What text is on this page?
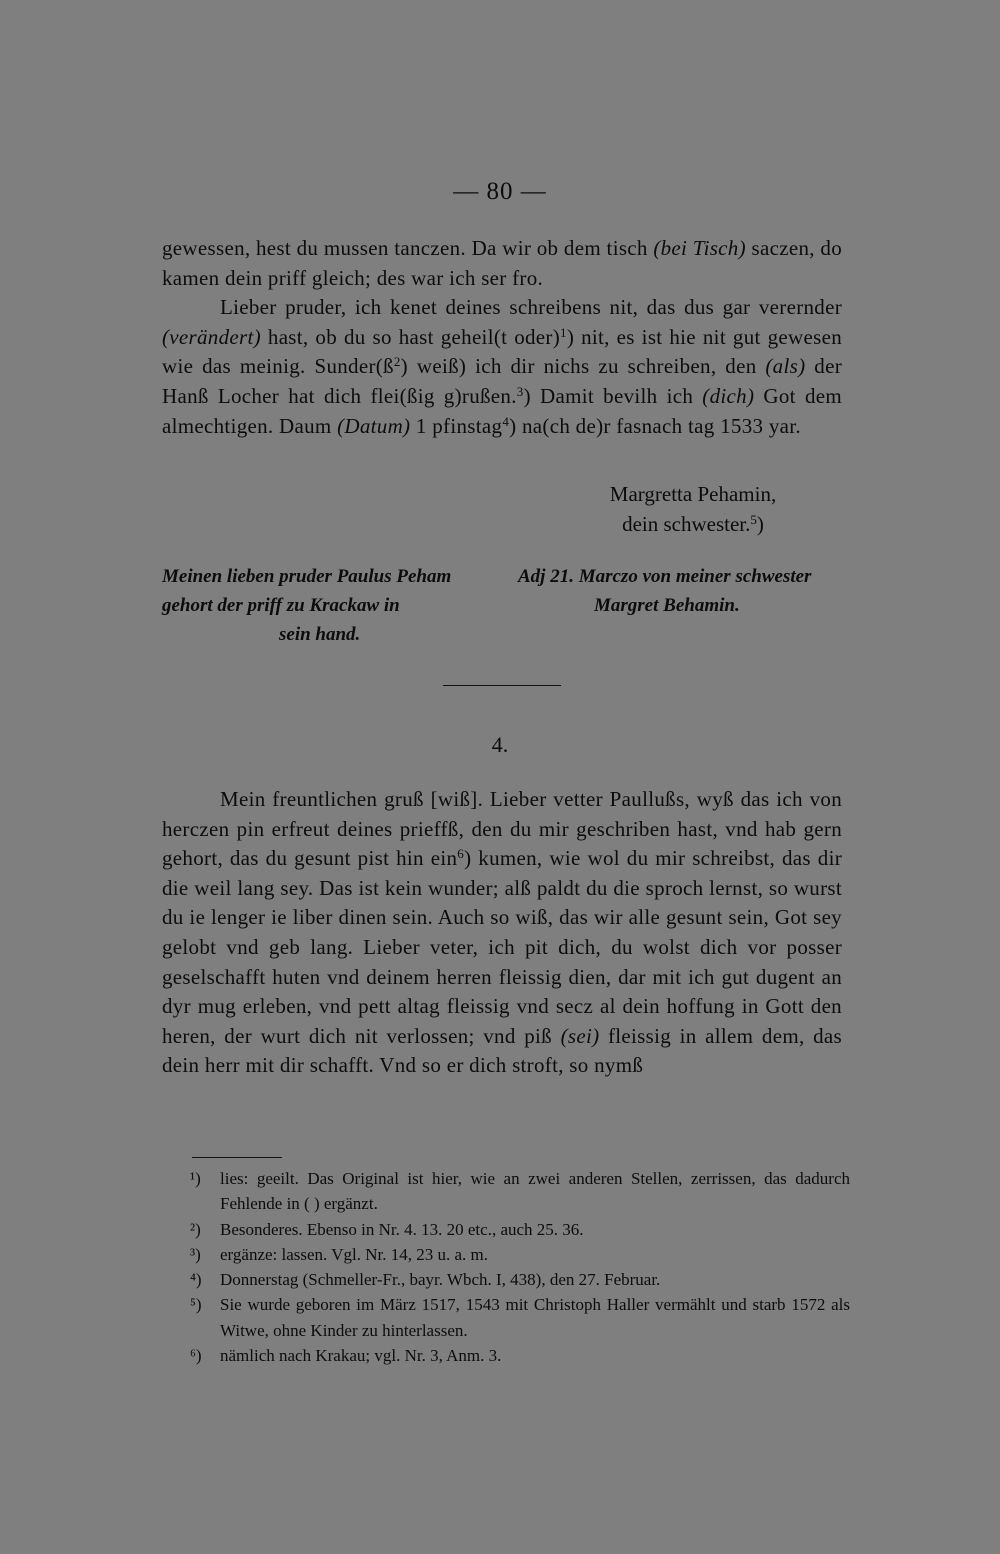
— 80 —

gewessen, hest du mussen tanczen. Da wir ob dem tisch (bei Tisch) saczen, do kamen dein priff gleich; des war ich ser fro.

Lieber pruder, ich kenet deines schreibens nit, das dus gar verernder (verändert) hast, ob du so hast geheil(t oder)$^1$) nit, es ist hie nit gut gewesen wie das meinig. $Sunder(ß^2)$ weiß) ich dir nichs zu schreiben, den (als) der Hanß Locher hat dich flei(ßig g)rußen.$^3$) Damit bevilh ich (dich) Got dem almechtigen. Daum (Datum) 1 pfinstag$^4$) na(ch de)r fasnach tag 1533 yar.

Margretta Pehamin,
dein schwester.$^5$)
Meinen lieben pruder Paulus Peham
gehort der priff zu Krackaw in
sein hand.
Adj 21. Marczo von meiner schwester
Margret Behamin.
4.

Mein freuntlichen gruß [wiß]. Lieber vetter Paullußs, wyß das ich von herczen pin erfreut deines prieffß, den du mir geschriben hast, vnd hab gern gehort, das du gesunt pist hin ein$^6$) kumen, wie wol du mir schreibst, das dir die weil lang sey. Das ist kein wunder; alß paldt du die sproch lernst, so wurst du ie lenger ie liber dinen sein. Auch so wiß, das wir alle gesunt sein, Got sey gelobt vnd geb lang. Lieber veter, ich pit dich, du wolst dich vor posser geselschafft huten vnd deinem herren fleissig dien, dar mit ich gut dugent an dyr mug erleben, vnd pett altag fleissig vnd secz al dein hoffung in Gott den heren, der wurt dich nit verlossen; vnd piß (sei) fleissig in allem dem, das dein herr mit dir schafft. Vnd so er dich stroft, so nymß

¹)	lies: geeilt. Das Original ist hier, wie an zwei anderen Stellen, zerrissen, das dadurch Fehlende in ( ) ergänzt.
²)	Besonderes. Ebenso in Nr. 4. 13. 20 etc., auch 25. 36.
³)	ergänze: lassen. Vgl. Nr. 14, 23 u. a. m.
⁴)	Donnerstag (Schmeller-Fr., bayr. Wbch. I, 438), den 27. Februar.
⁵)	Sie wurde geboren im März 1517, 1543 mit Christoph Haller vermählt und starb 1572 als Witwe, ohne Kinder zu hinterlassen.
⁶)	nämlich nach Krakau; vgl. Nr. 3, Anm. 3.
